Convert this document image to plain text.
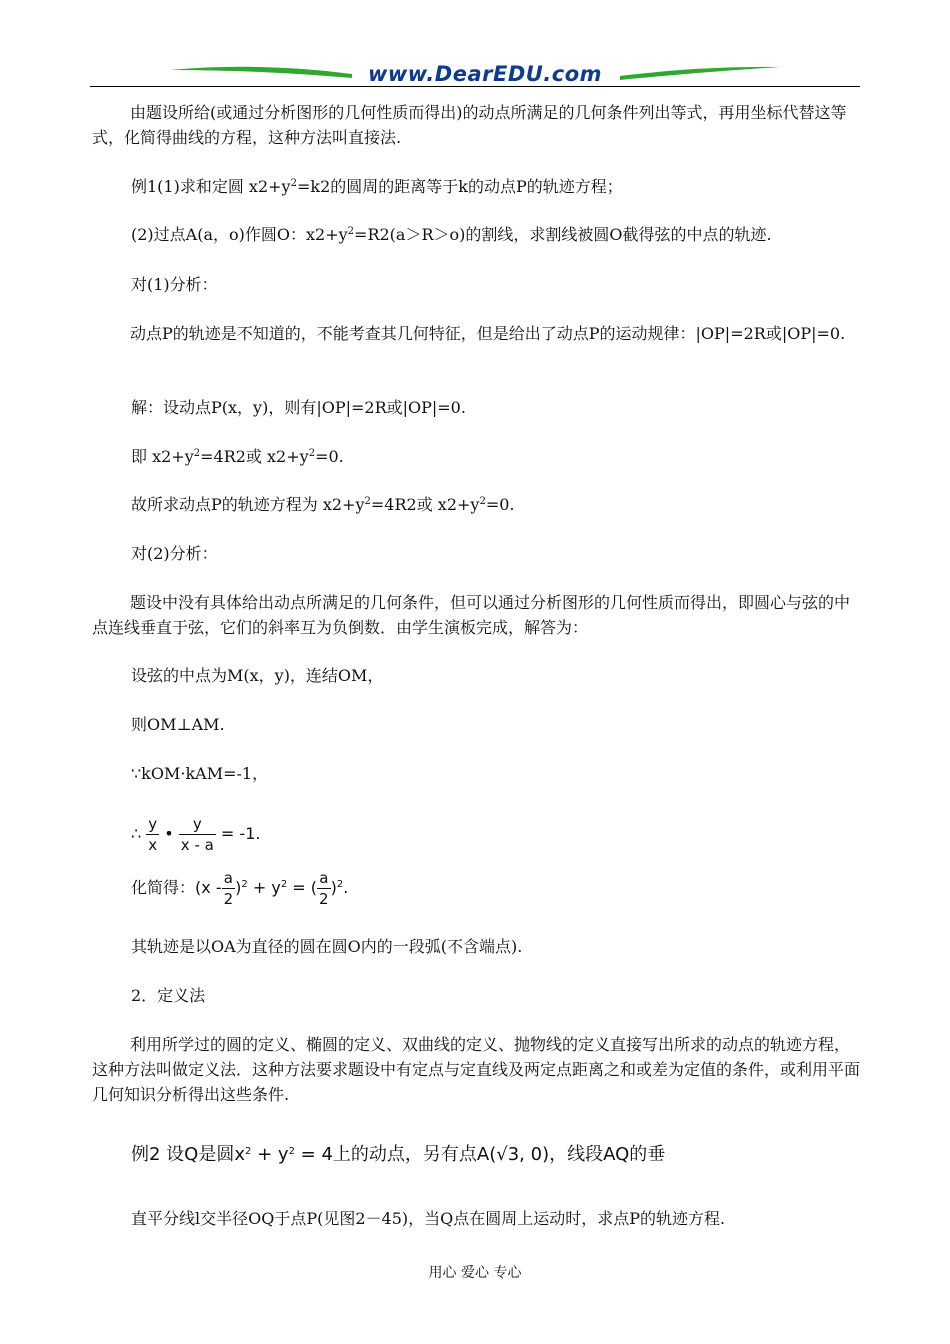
www.DearEDU.com

由题设所给(或通过分析图形的几何性质而得出)的动点所满足的几何条件列出等式，再用坐标代替这等式，化简得曲线的方程，这种方法叫直接法.

例1(1)求和定圆 $x2+y^2=k2$的圆周的距离等于k的动点P的轨迹方程；
(2)过点A(a，o)作圆O：$x2+y^2=R2(a>R>o)$的割线，求割线被圆O截得弦的中点的轨迹.
对(1)分析：

动点P的轨迹是不知道的，不能考查其几何特征，但是给出了动点P的运动规律：|OP|=2R或|OP|=0.

解：设动点P(x，y)，则有|OP|=2R或|OP|=0.
即 $x2+y^2=4R2$或 $x2+y^2=0$.
故所求动点P的轨迹方程为 $x2+y^2=4R2$或 $x2+y^2=0$.
对(2)分析：

题设中没有具体给出动点所满足的几何条件，但可以通过分析图形的几何性质而得出，即圆心与弦的中点连线垂直于弦，它们的斜率互为负倒数．由学生演板完成，解答为：

设弦的中点为M(x，y)，连结OM，
则OM⊥AM.
∵kOM·kAM=-1，
∴ $\frac{y}{x}$ • $\frac{y}{x - a} = -1$.
化简得：$(x - \frac{a}{2} )^2 + y^2$ = ( $\frac{a}{2} )^2$.
其轨迹是以OA为直径的圆在圆O内的一段弧(不含端点).
2．定义法

利用所学过的圆的定义、椭圆的定义、双曲线的定义、抛物线的定义直接写出所求的动点的轨迹方程，这种方法叫做定义法．这种方法要求题设中有定点与定直线及两定点距离之和或差为定值的条件，或利用平面几何知识分析得出这些条件.

例2 设Q是圆$x^2 + y^2 = 4$上的动点，另有点A(√3, 0)，线段AQ的垂
直平分线l交半径OQ于点P(见图2－45)，当Q点在圆周上运动时，求点P的轨迹方程.
用心 爱心 专心
